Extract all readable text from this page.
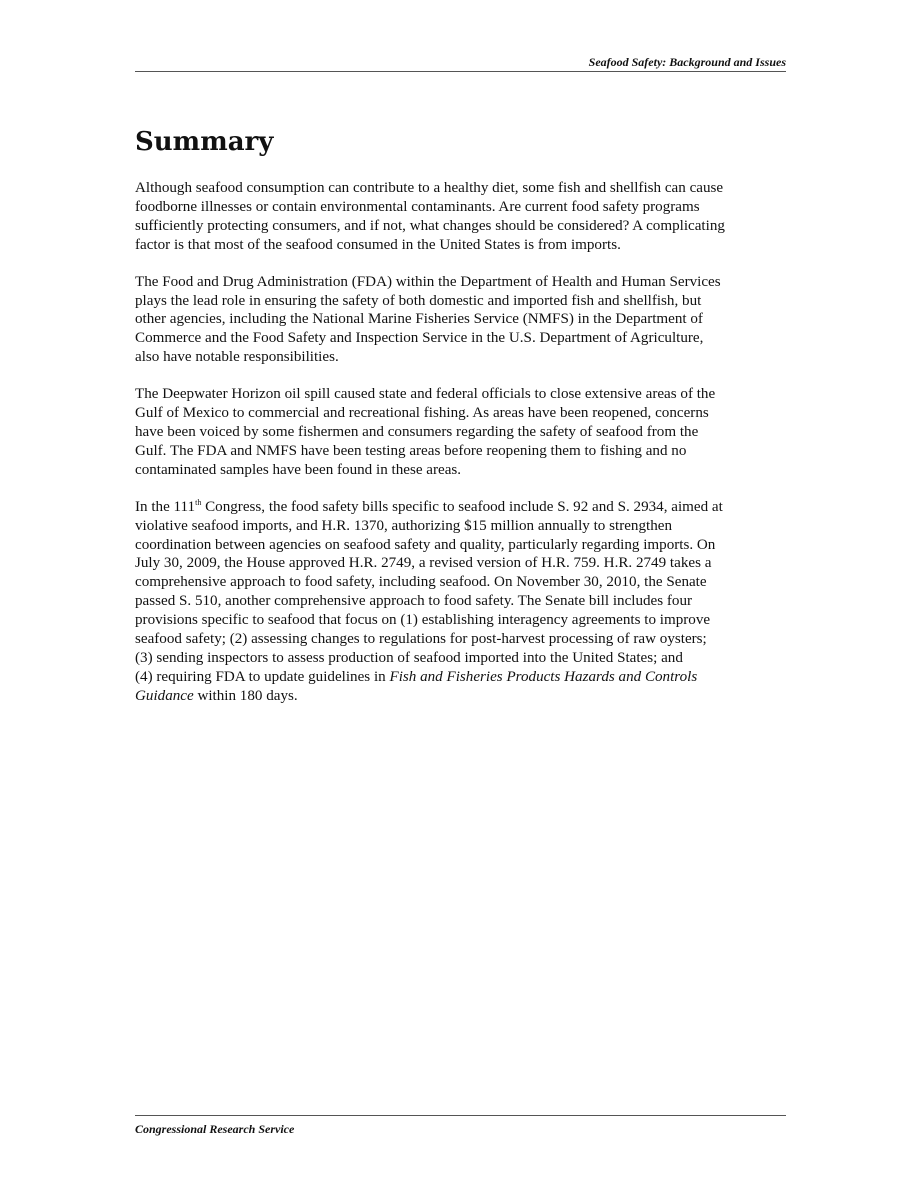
Seafood Safety: Background and Issues
Summary

Although seafood consumption can contribute to a healthy diet, some fish and shellfish can cause
foodborne illnesses or contain environmental contaminants. Are current food safety programs
sufficiently protecting consumers, and if not, what changes should be considered? A complicating
factor is that most of the seafood consumed in the United States is from imports.

The Food and Drug Administration (FDA) within the Department of Health and Human Services
plays the lead role in ensuring the safety of both domestic and imported fish and shellfish, but
other agencies, including the National Marine Fisheries Service (NMFS) in the Department of
Commerce and the Food Safety and Inspection Service in the U.S. Department of Agriculture,
also have notable responsibilities.

The Deepwater Horizon oil spill caused state and federal officials to close extensive areas of the
Gulf of Mexico to commercial and recreational fishing. As areas have been reopened, concerns
have been voiced by some fishermen and consumers regarding the safety of seafood from the
Gulf. The FDA and NMFS have been testing areas before reopening them to fishing and no
contaminated samples have been found in these areas.

In the 111th Congress, the food safety bills specific to seafood include S. 92 and S. 2934, aimed at
violative seafood imports, and H.R. 1370, authorizing $15 million annually to strengthen
coordination between agencies on seafood safety and quality, particularly regarding imports. On
July 30, 2009, the House approved H.R. 2749, a revised version of H.R. 759. H.R. 2749 takes a
comprehensive approach to food safety, including seafood. On November 30, 2010, the Senate
passed S. 510, another comprehensive approach to food safety. The Senate bill includes four
provisions specific to seafood that focus on (1) establishing interagency agreements to improve
seafood safety; (2) assessing changes to regulations for post-harvest processing of raw oysters;
(3) sending inspectors to assess production of seafood imported into the United States; and
(4) requiring FDA to update guidelines in Fish and Fisheries Products Hazards and Controls
Guidance within 180 days.

Congressional Research Service
